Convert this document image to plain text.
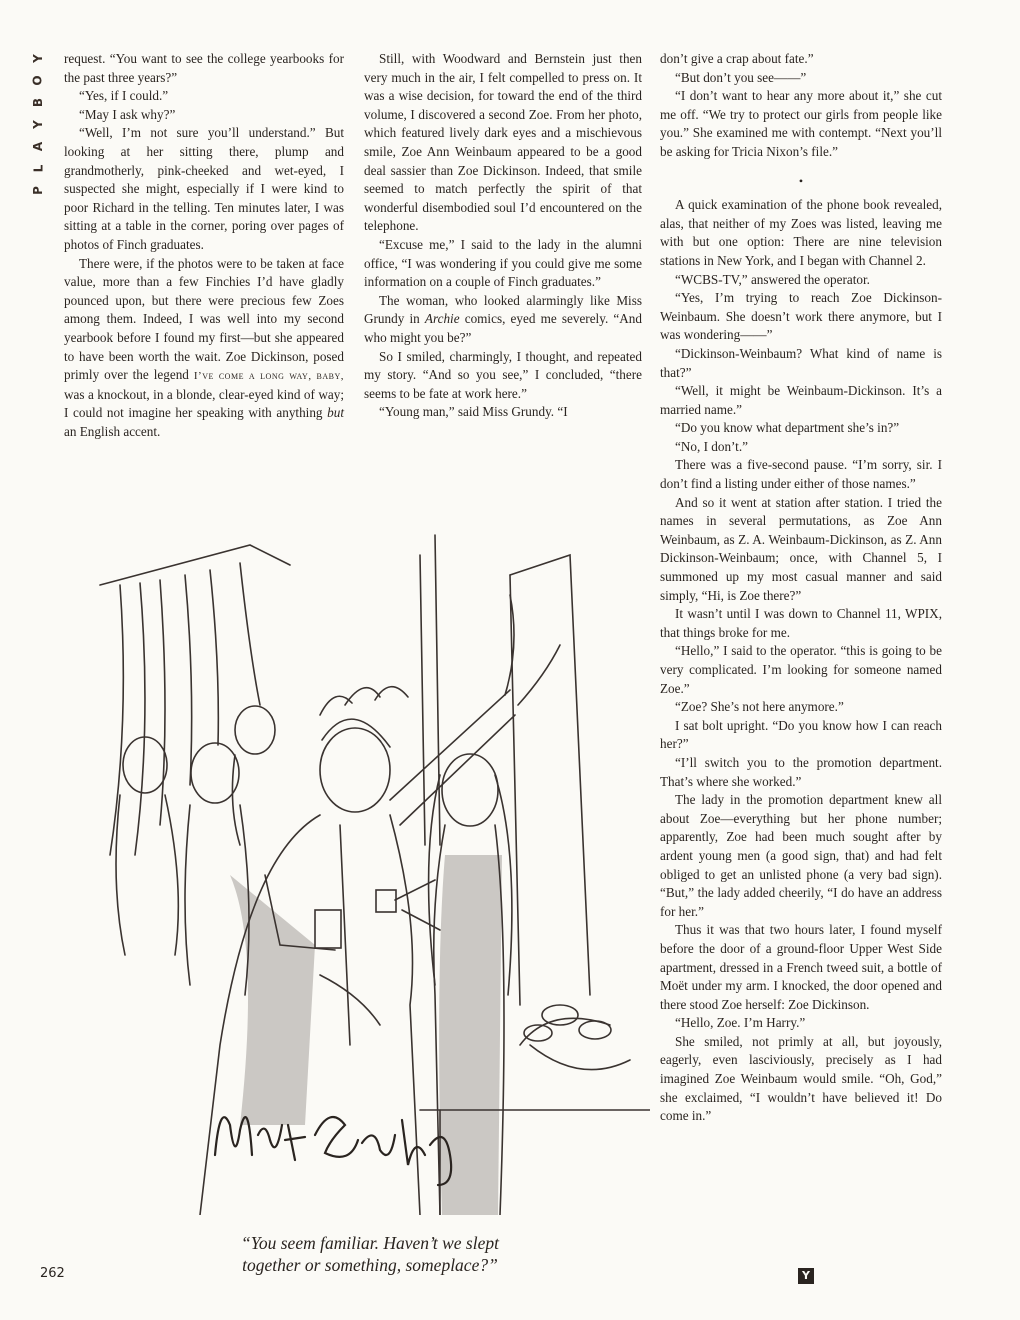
Y
O
B
Y
A
L
P

request. “You want to see the college yearbooks for the past three years?”

“Yes, if I could.”

“May I ask why?”

“Well, I’m not sure you’ll understand.” But looking at her sitting there, plump and grandmotherly, pink-cheeked and wet-eyed, I suspected she might, especially if I were kind to poor Richard in the telling. Ten minutes later, I was sitting at a table in the corner, poring over pages of photos of Finch graduates.

There were, if the photos were to be taken at face value, more than a few Finchies I’d have gladly pounced upon, but there were precious few Zoes among them. Indeed, I was well into my second yearbook before I found my first—but she appeared to have been worth the wait. Zoe Dickinson, posed primly over the legend I’ve come a long way, baby, was a knockout, in a blonde, clear-eyed kind of way; I could not imagine her speaking with anything but an English accent.

Still, with Woodward and Bernstein just then very much in the air, I felt compelled to press on. It was a wise decision, for toward the end of the third volume, I discovered a second Zoe. From her photo, which featured lively dark eyes and a mischievous smile, Zoe Ann Weinbaum appeared to be a good deal sassier than Zoe Dickinson. Indeed, that smile seemed to match perfectly the spirit of that wonderful disembodied soul I’d encountered on the telephone.

“Excuse me,” I said to the lady in the alumni office, “I was wondering if you could give me some information on a couple of Finch graduates.”

The woman, who looked alarmingly like Miss Grundy in Archie comics, eyed me severely. “And who might you be?”

So I smiled, charmingly, I thought, and repeated my story. “And so you see,” I concluded, “there seems to be fate at work here.”

“Young man,” said Miss Grundy. “I

don’t give a crap about fate.”

“But don’t you see——”

“I don’t want to hear any more about it,” she cut me off. “We try to protect our girls from people like you.” She examined me with contempt. “Next you’ll be asking for Tricia Nixon’s file.”

•

A quick examination of the phone book revealed, alas, that neither of my Zoes was listed, leaving me with but one option: There are nine television stations in New York, and I began with Channel 2.

“WCBS-TV,” answered the operator.

“Yes, I’m trying to reach Zoe Dickinson-Weinbaum. She doesn’t work there anymore, but I was wondering——”

“Dickinson-Weinbaum? What kind of name is that?”

“Well, it might be Weinbaum-Dickinson. It’s a married name.”

“Do you know what department she’s in?”

“No, I don’t.”

There was a five-second pause. “I’m sorry, sir. I don’t find a listing under either of those names.”

And so it went at station after station. I tried the names in several permutations, as Zoe Ann Weinbaum, as Z. A. Weinbaum-Dickinson, as Z. Ann Dickinson-Weinbaum; once, with Channel 5, I summoned up my most casual manner and said simply, “Hi, is Zoe there?”

It wasn’t until I was down to Channel 11, WPIX, that things broke for me.

“Hello,” I said to the operator. “this is going to be very complicated. I’m looking for someone named Zoe.”

“Zoe? She’s not here anymore.”

I sat bolt upright. “Do you know how I can reach her?”

“I’ll switch you to the promotion department. That’s where she worked.”

The lady in the promotion department knew all about Zoe—everything but her phone number; apparently, Zoe had been much sought after by ardent young men (a good sign, that) and had felt obliged to get an unlisted phone (a very bad sign). “But,” the lady added cheerily, “I do have an address for her.”

Thus it was that two hours later, I found myself before the door of a ground-floor Upper West Side apartment, dressed in a French tweed suit, a bottle of Moët under my arm. I knocked, the door opened and there stood Zoe herself: Zoe Dickinson.

“Hello, Zoe. I’m Harry.”

She smiled, not primly at all, but joyously, eagerly, even lasciviously, precisely as I had imagined Zoe Weinbaum would smile. “Oh, God,” she exclaimed, “I wouldn’t have believed it! Do come in.”

“You seem familiar. Haven’t we slept
together or something, someplace?”
262	Y
